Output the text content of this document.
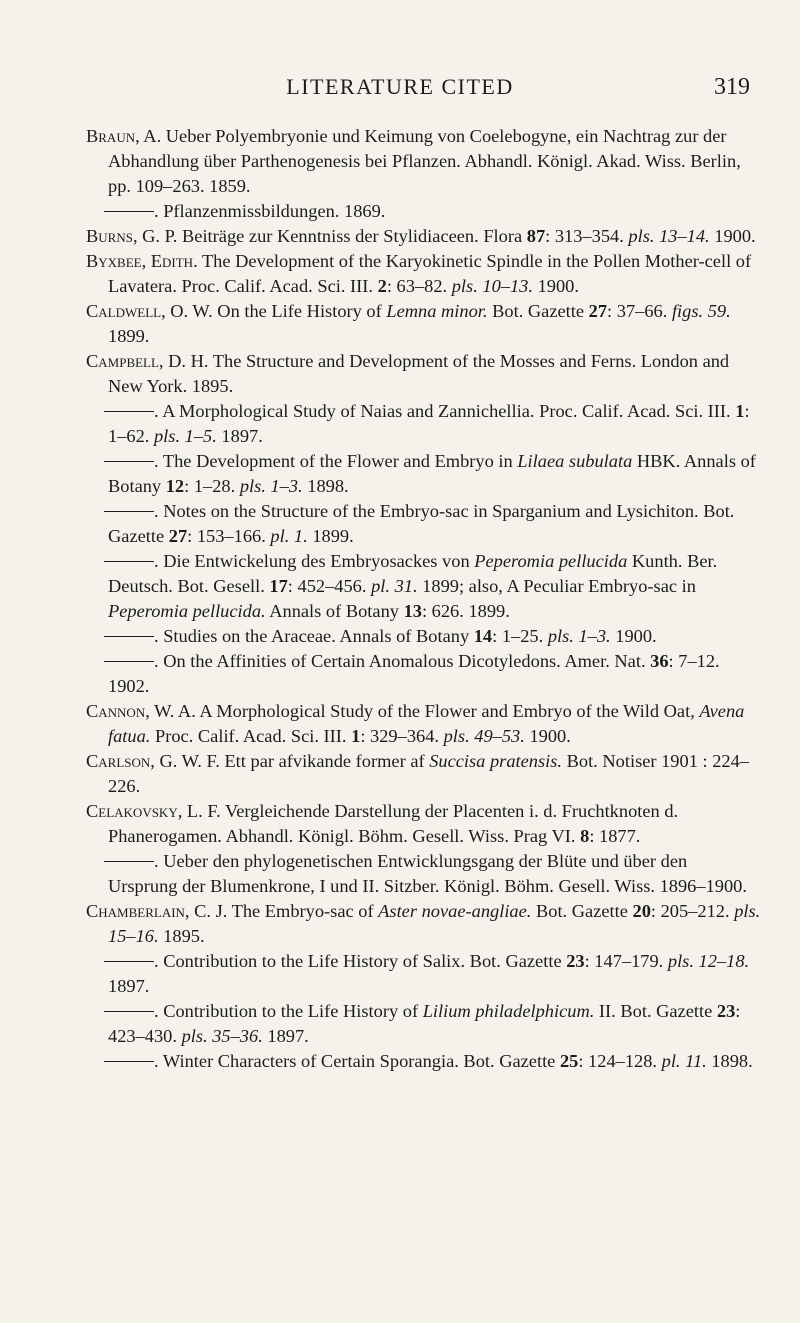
LITERATURE CITED	319

Braun, A. Ueber Polyembryonie und Keimung von Coelebogyne, ein Nachtrag zur der Abhandlung über Parthenogenesis bei Pflanzen. Abhandl. Königl. Akad. Wiss. Berlin, pp. 109–263. 1859.

. Pflanzenmissbildungen. 1869.

Burns, G. P. Beiträge zur Kenntniss der Stylidiaceen. Flora 87: 313–354. pls. 13–14. 1900.

Byxbee, Edith. The Development of the Karyokinetic Spindle in the Pollen Mother-cell of Lavatera. Proc. Calif. Acad. Sci. III. 2: 63–82. pls. 10–13. 1900.

Caldwell, O. W. On the Life History of Lemna minor. Bot. Gazette 27: 37–66. figs. 59. 1899.

Campbell, D. H. The Structure and Development of the Mosses and Ferns. London and New York. 1895.

. A Morphological Study of Naias and Zannichellia. Proc. Calif. Acad. Sci. III. 1: 1–62. pls. 1–5. 1897.

. The Development of the Flower and Embryo in Lilaea subulata HBK. Annals of Botany 12: 1–28. pls. 1–3. 1898.

. Notes on the Structure of the Embryo-sac in Sparganium and Lysichiton. Bot. Gazette 27: 153–166. pl. 1. 1899.

. Die Entwickelung des Embryosackes von Peperomia pellucida Kunth. Ber. Deutsch. Bot. Gesell. 17: 452–456. pl. 31. 1899; also, A Peculiar Embryo-sac in Peperomia pellucida. Annals of Botany 13: 626. 1899.

. Studies on the Araceae. Annals of Botany 14: 1–25. pls. 1–3. 1900.

. On the Affinities of Certain Anomalous Dicotyledons. Amer. Nat. 36: 7–12. 1902.

Cannon, W. A. A Morphological Study of the Flower and Embryo of the Wild Oat, Avena fatua. Proc. Calif. Acad. Sci. III. 1: 329–364. pls. 49–53. 1900.

Carlson, G. W. F. Ett par afvikande former af Succisa pratensis. Bot. Notiser 1901 : 224–226.

Celakovsky, L. F. Vergleichende Darstellung der Placenten i. d. Fruchtknoten d. Phanerogamen. Abhandl. Königl. Böhm. Gesell. Wiss. Prag VI. 8: 1877.

. Ueber den phylogenetischen Entwicklungsgang der Blüte und über den Ursprung der Blumenkrone, I und II. Sitzber. Königl. Böhm. Gesell. Wiss. 1896–1900.

Chamberlain, C. J. The Embryo-sac of Aster novae-angliae. Bot. Gazette 20: 205–212. pls. 15–16. 1895.

. Contribution to the Life History of Salix. Bot. Gazette 23: 147–179. pls. 12–18. 1897.

. Contribution to the Life History of Lilium philadelphicum. II. Bot. Gazette 23: 423–430. pls. 35–36. 1897.

. Winter Characters of Certain Sporangia. Bot. Gazette 25: 124–128. pl. 11. 1898.
